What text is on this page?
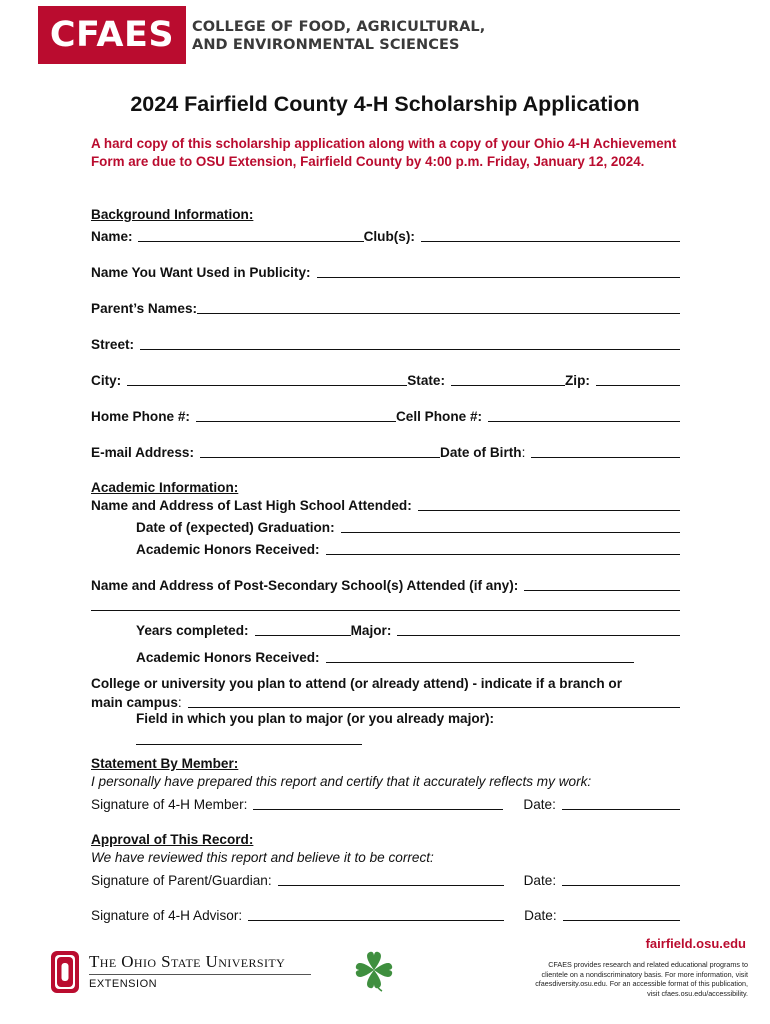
CFAES COLLEGE OF FOOD, AGRICULTURAL,
AND ENVIRONMENTAL SCIENCES
2024 Fairfield County 4-H Scholarship Application
A hard copy of this scholarship application along with a copy of your Ohio 4-H Achievement Form are due to OSU Extension, Fairfield County by 4:00 p.m. Friday, January 12, 2024.
Background Information:
Name:	Club(s):
Name You Want Used in Publicity:
Parent’s Names:
Street:
City:	State:	Zip:
Home Phone #:	Cell Phone #:
E-mail Address:	Date of Birth :
Academic Information:
Name and Address of Last High School Attended:
Date of (expected) Graduation:
Academic Honors Received:
Name and Address of Post-Secondary School(s) Attended (if any):
Years completed:	Major:
Academic Honors Received:
College or university you plan to attend (or already attend) - indicate if a branch or
main campus :
Field in which you plan to major (or you already major):
Statement By Member:
I personally have prepared this report and certify that it accurately reflects my work:
Signature of 4-H Member:	Date:
Approval of This Record:
We have reviewed this report and believe it to be correct:
Signature of Parent/Guardian:	Date:
Signature of 4-H Advisor:	Date:
The Ohio State University
EXTENSION
fairfield.osu.edu
CFAES provides research and related educational programs to clientele on a nondiscriminatory basis. For more information, visit cfaesdiversity.osu.edu. For an accessible format of this publication, visit cfaes.osu.edu/accessibility.
